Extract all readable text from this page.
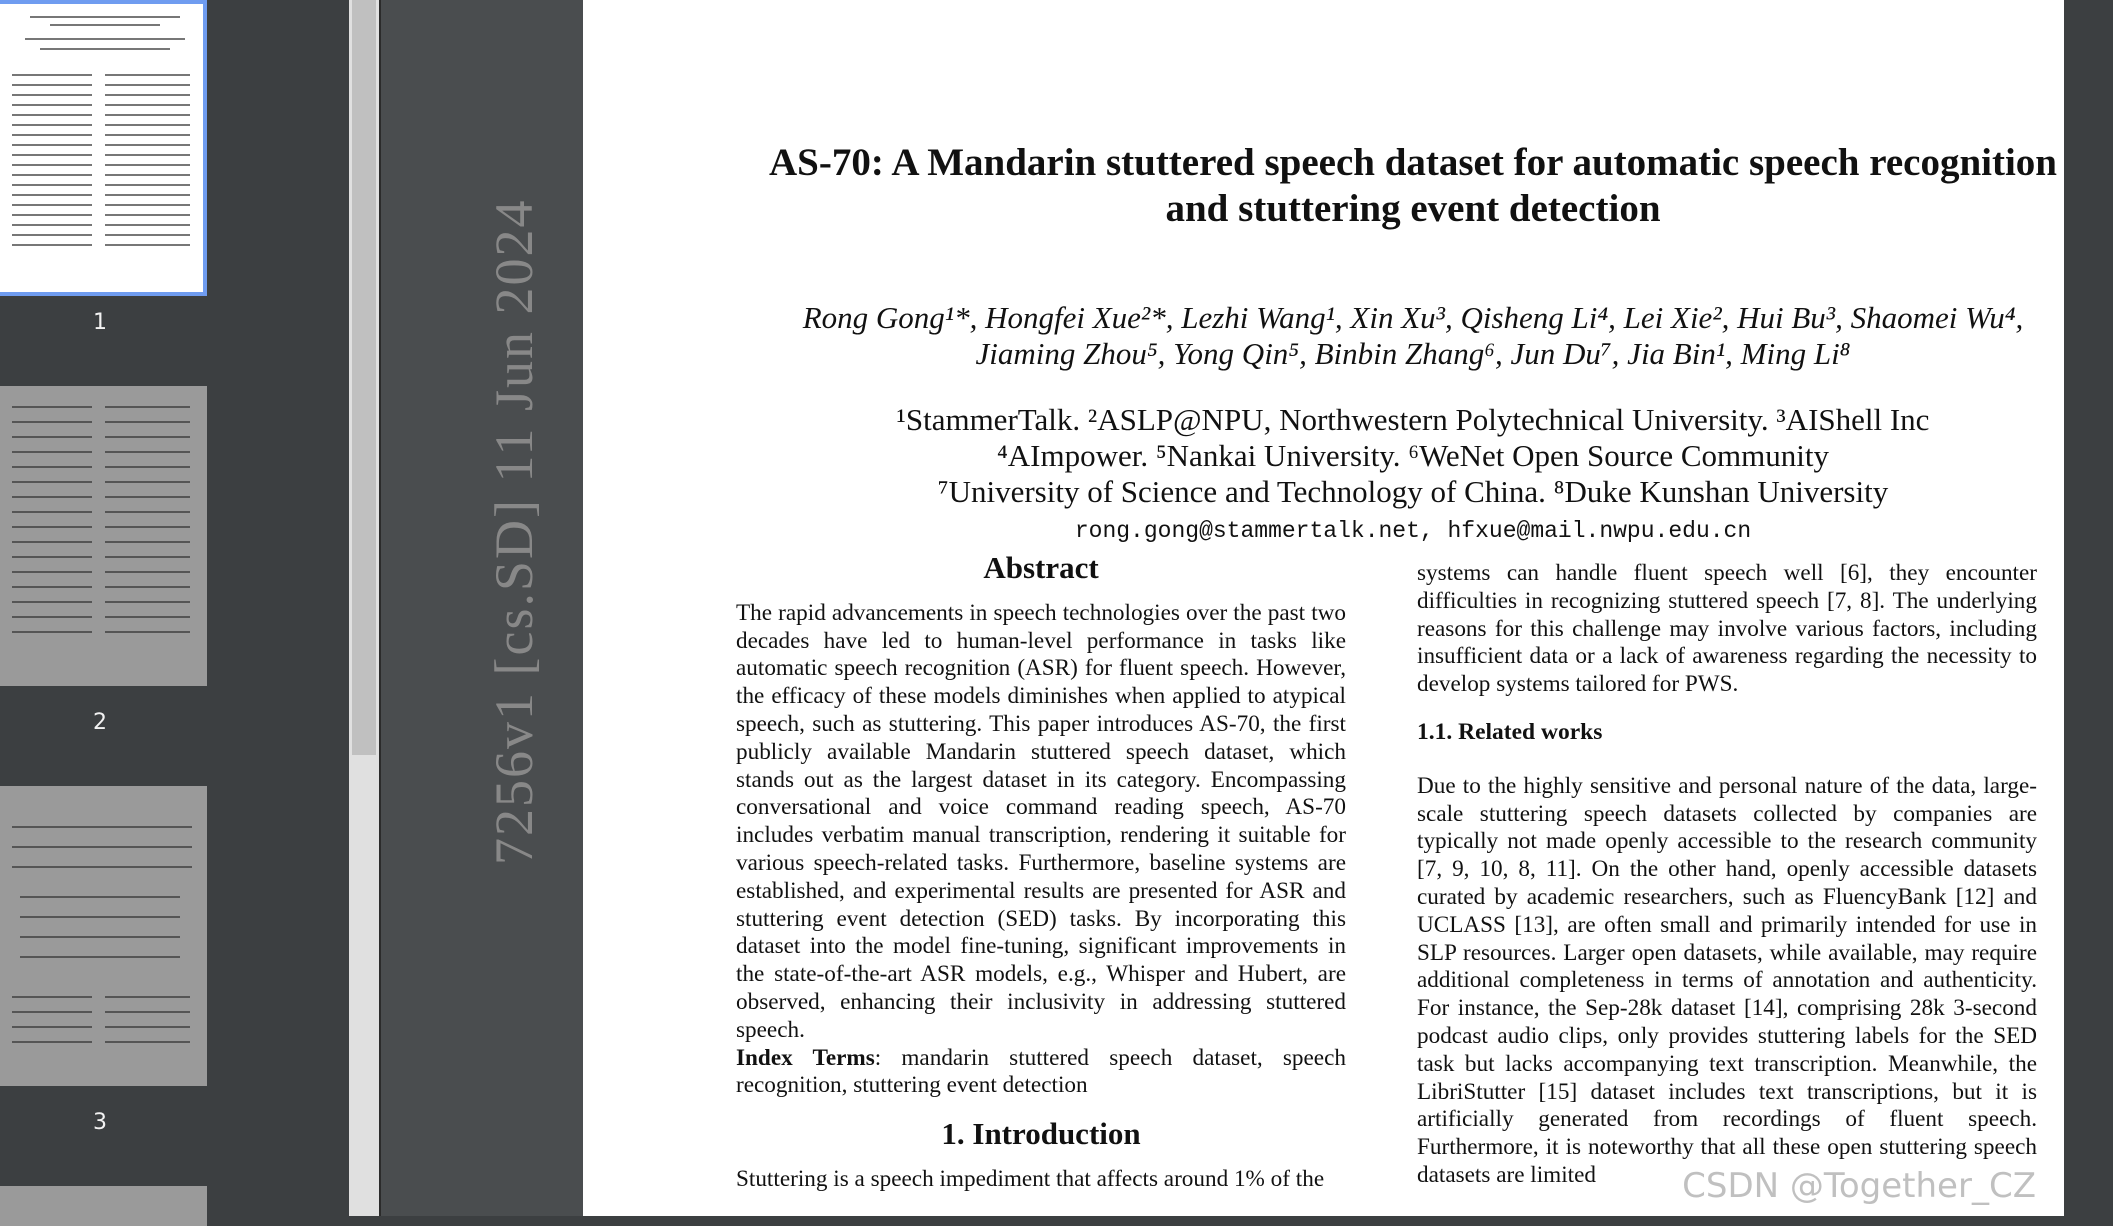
1
2
3
7256v1 [cs.SD] 11 Jun 2024
AS-70: A Mandarin stuttered speech dataset for automatic speech recognition
and stuttering event detection
Rong Gong¹*, Hongfei Xue²*, Lezhi Wang¹, Xin Xu³, Qisheng Li⁴, Lei Xie², Hui Bu³, Shaomei Wu⁴,
Jiaming Zhou⁵, Yong Qin⁵, Binbin Zhang⁶, Jun Du⁷, Jia Bin¹, Ming Li⁸
¹StammerTalk. ²ASLP@NPU, Northwestern Polytechnical University. ³AIShell Inc
⁴AImpower. ⁵Nankai University. ⁶WeNet Open Source Community
⁷University of Science and Technology of China. ⁸Duke Kunshan University
rong.gong@stammertalk.net, hfxue@mail.nwpu.edu.cn
Abstract

The rapid advancements in speech technologies over the past two decades have led to human-level performance in tasks like automatic speech recognition (ASR) for fluent speech. However, the efficacy of these models diminishes when applied to atypical speech, such as stuttering. This paper introduces AS-70, the first publicly available Mandarin stuttered speech dataset, which stands out as the largest dataset in its category. Encompassing conversational and voice command reading speech, AS-70 includes verbatim manual transcription, rendering it suitable for various speech-related tasks. Furthermore, baseline systems are established, and experimental results are presented for ASR and stuttering event detection (SED) tasks. By incorporating this dataset into the model fine-tuning, significant improvements in the state-of-the-art ASR models, e.g., Whisper and Hubert, are observed, enhancing their inclusivity in addressing stuttered speech.

Index Terms: mandarin stuttered speech dataset, speech recognition, stuttering event detection

1. Introduction

Stuttering is a speech impediment that affects around 1% of the

systems can handle fluent speech well [6], they encounter difficulties in recognizing stuttered speech [7, 8]. The underlying reasons for this challenge may involve various factors, including insufficient data or a lack of awareness regarding the necessity to develop systems tailored for PWS.

1.1. Related works

Due to the highly sensitive and personal nature of the data, large-scale stuttering speech datasets collected by companies are typically not made openly accessible to the research community [7, 9, 10, 8, 11]. On the other hand, openly accessible datasets curated by academic researchers, such as FluencyBank [12] and UCLASS [13], are often small and primarily intended for use in SLP resources. Larger open datasets, while available, may require additional completeness in terms of annotation and authenticity. For instance, the Sep-28k dataset [14], comprising 28k 3-second podcast audio clips, only provides stuttering labels for the SED task but lacks accompanying text transcription. Meanwhile, the LibriStutter [15] dataset includes text transcriptions, but it is artificially generated from recordings of fluent speech. Furthermore, it is noteworthy that all these open stuttering speech datasets are limited	CSDN @Together_CZ
